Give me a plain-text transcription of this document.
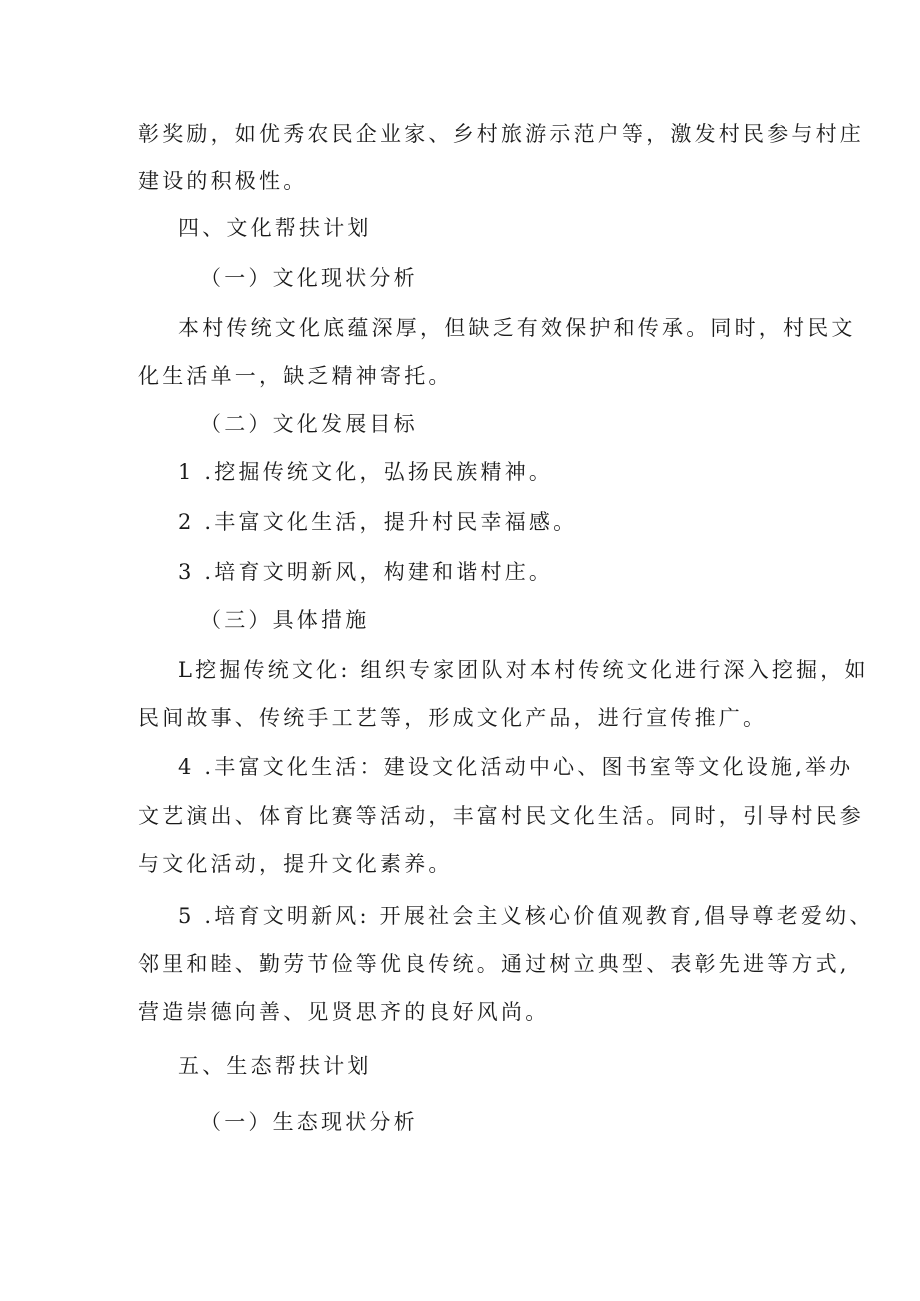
彰奖励，如优秀农民企业家、乡村旅游示范户等，激发村民参与村庄
建设的积极性。
四、文化帮扶计划
（一）文化现状分析
本村传统文化底蕴深厚，但缺乏有效保护和传承。同时，村民文
化生活单一，缺乏精神寄托。
（二）文化发展目标
1 .挖掘传统文化，弘扬民族精神。
2 .丰富文化生活，提升村民幸福感。
3 .培育文明新风，构建和谐村庄。
（三）具体措施
L挖掘传统文化: 组织专家团队对本村传统文化进行深入挖掘，如
民间故事、传统手工艺等，形成文化产品，进行宣传推广。
4 .丰富文化生活：建设文化活动中心、图书室等文化设施,举办
文艺演出、体育比赛等活动，丰富村民文化生活。同时，引导村民参
与文化活动，提升文化素养。
5 .培育文明新风: 开展社会主义核心价值观教育,倡导尊老爱幼、
邻里和睦、勤劳节俭等优良传统。通过树立典型、表彰先进等方式,
营造崇德向善、见贤思齐的良好风尚。
五、生态帮扶计划
（一）生态现状分析
